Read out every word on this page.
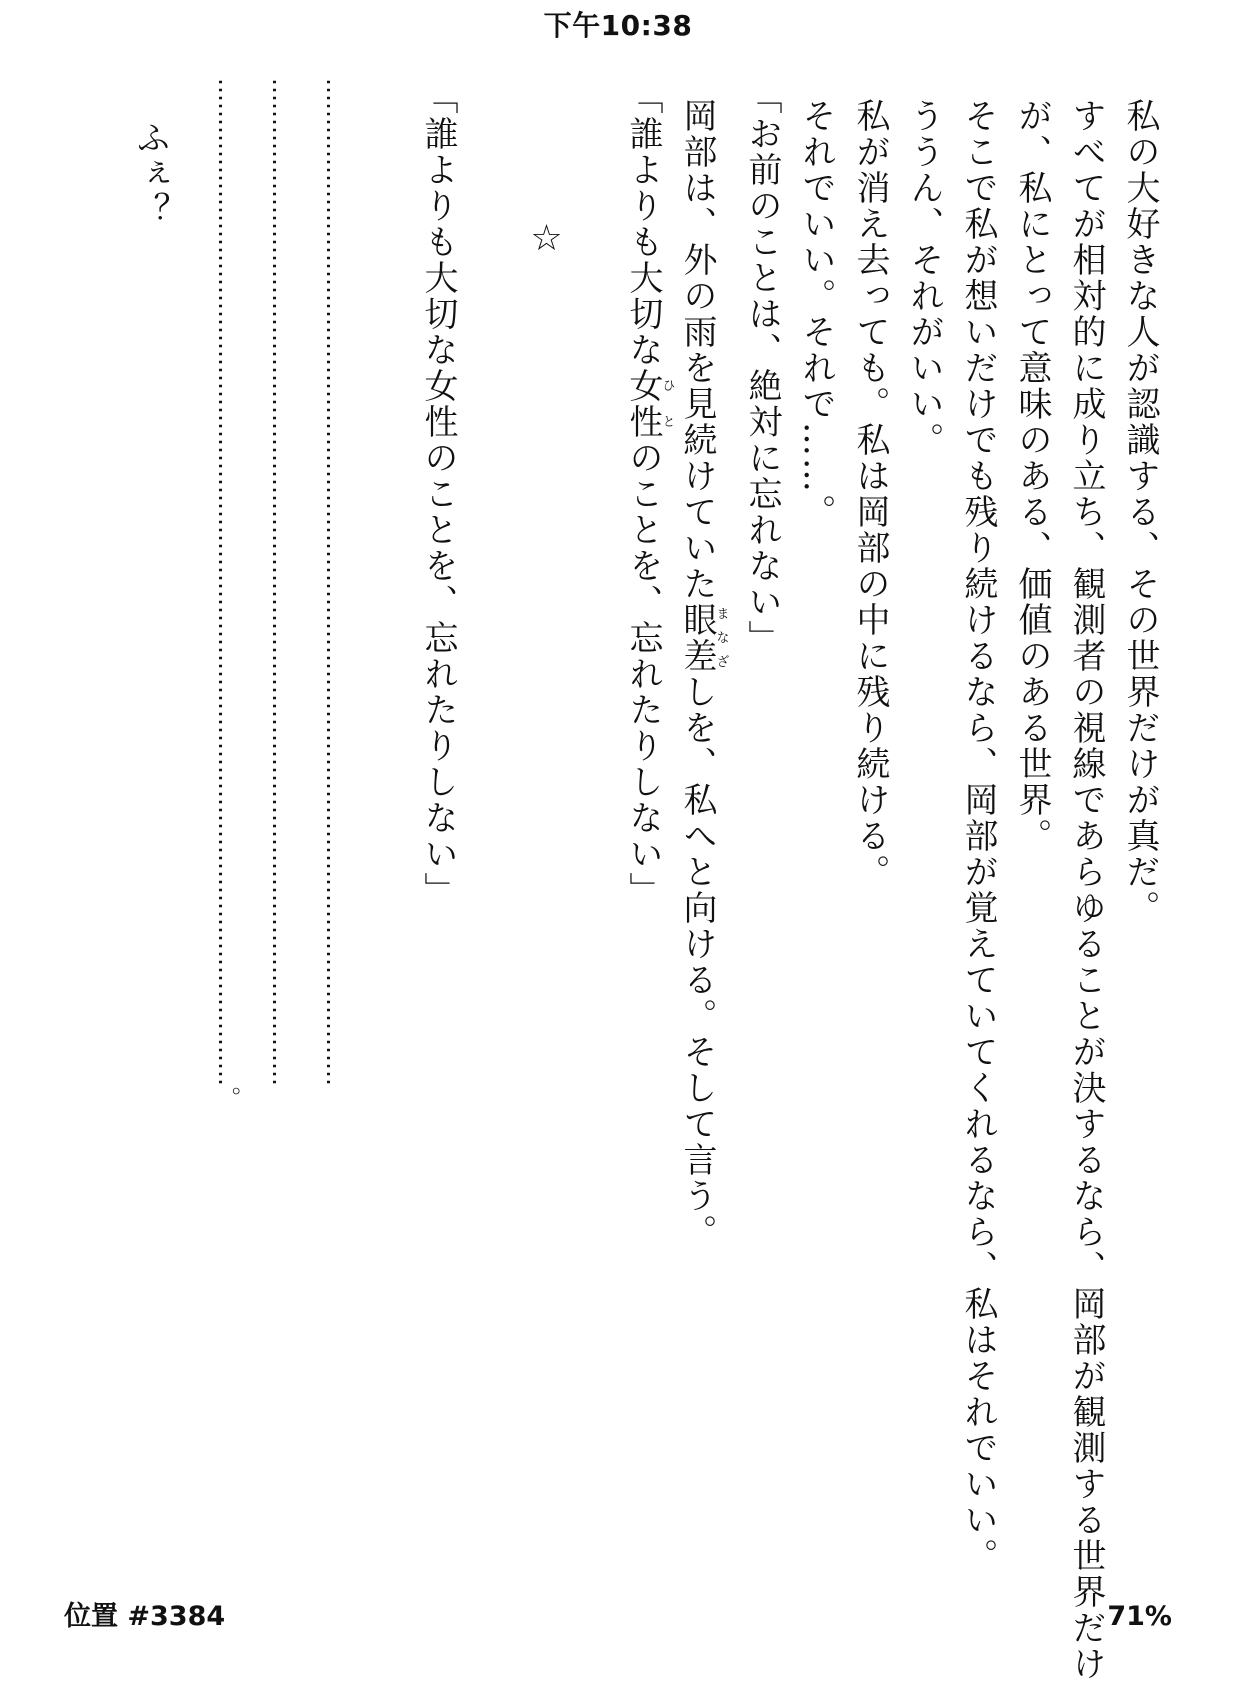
下午10:38
私の大好きな人が認識する、その世界だけが真だ。
すべてが相対的に成り立ち、観測者の視線であらゆることが決するなら、岡部が観測する世界だけ
が、私にとって意味のある、価値のある世界。
そこで私が想いだけでも残り続けるなら、岡部が覚えていてくれるなら、私はそれでいい。
ううん、それがいい。
私が消え去っても。私は岡部の中に残り続ける。
それでいい。それで……。
「お前のことは、絶対に忘れない」
岡部は、外の雨を見続けていた眼差まなざしを、私へと向ける。そして言う。
「誰よりも大切な女性ひとのことを、忘れたりしない」
☆
「誰よりも大切な女性のことを、忘れたりしない」
………………………………………………………………………………………………………………
………………………………………………………………………………………………………………
………………………………………………………………………………………………………………。
ふぇ？
位置 #3384	71%
